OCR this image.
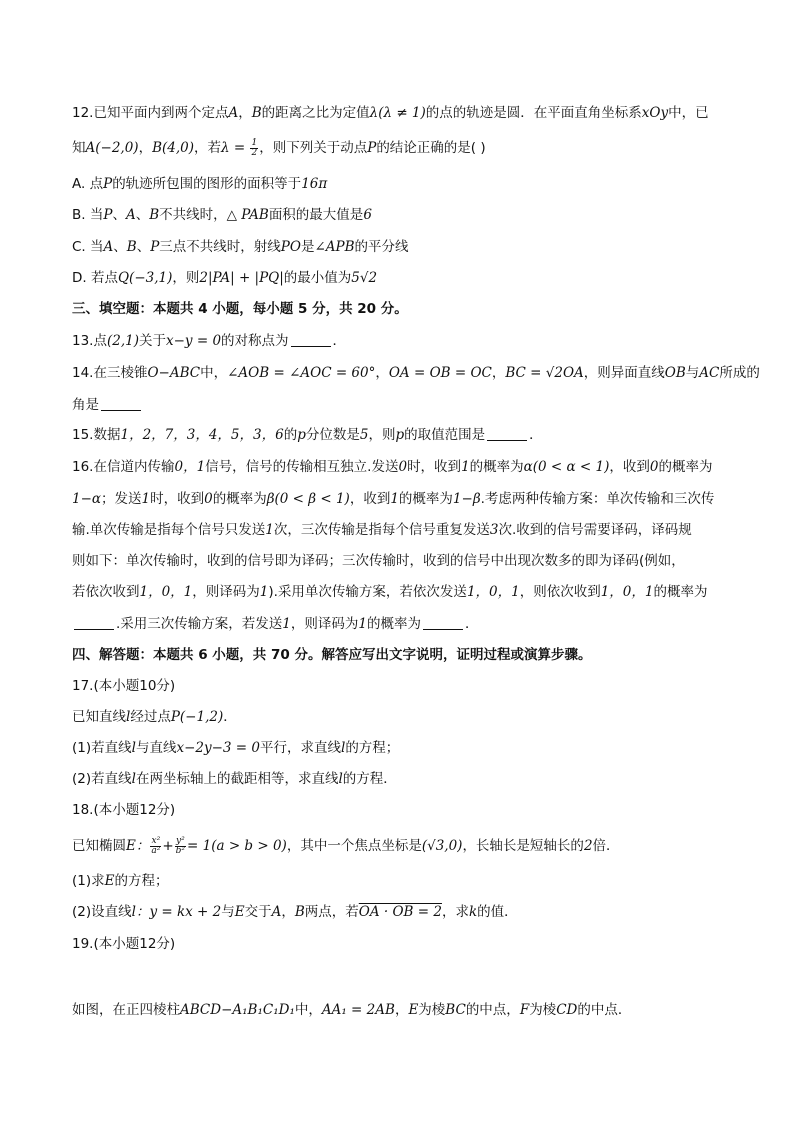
12.已知平面内到两个定点A，B的距离之比为定值λ(λ ≠ 1)的点的轨迹是圆．在平面直角坐标系xOy中，已
知A(−2,0)，B(4,0)，若$\lambda = \frac{1}{2}$ ，则下列关于动点P的结论正确的是( )
A. 点P的轨迹所包围的图形的面积等于16π
B. 当P、A、B不共线时，△ PAB面积的最大值是6
C. 当A、B、P三点不共线时，射线PO是∠APB的平分线
D. 若点Q(−3,1)，则2|PA| + |PQ|的最小值为5√2
三、填空题：本题共 4 小题，每小题 5 分，共 20 分。
13.点(2,1)关于x−y = 0的对称点为	．
14.在三棱锥O−ABC中，∠AOB = ∠AOC = 60°，OA = OB = OC，BC = √2OA，则异面直线OB与AC所成的
角是
15.数据1，2，7，3，4，5，3，6的p分位数是5，则p的取值范围是	．
16.在信道内传输0，1信号，信号的传输相互独立.发送0时，收到1的概率为α(0 < α < 1)，收到0的概率为
1−α；发送1时，收到0的概率为β(0 < β < 1)，收到1的概率为1−β.考虑两种传输方案：单次传输和三次传
输.单次传输是指每个信号只发送1次，三次传输是指每个信号重复发送3次.收到的信号需要译码，译码规
则如下：单次传输时，收到的信号即为译码；三次传输时，收到的信号中出现次数多的即为译码(例如，
若依次收到1，0，1，则译码为1).采用单次传输方案，若依次发送1，0，1，则依次收到1，0，1的概率为
.采用三次传输方案，若发送1，则译码为1的概率为	．
四、解答题：本题共 6 小题，共 70 分。解答应写出文字说明，证明过程或演算步骤。
17.(本小题10分)
已知直线l经过点P(−1,2)．
(1)若直线l与直线x−2y−3 = 0平行，求直线l的方程；
(2)若直线l在两坐标轴上的截距相等，求直线l的方程．
18.(本小题12分)
已知椭圆E： $\frac{\text{x²}}{\text{a²}} + \frac{\text{y²}}{\text{b²}} = 1(a > b > 0)$，其中一个焦点坐标是(√3,0)，长轴长是短轴长的2倍．
(1)求E的方程；
(2)设直线l：y = kx + 2与E交于A，B两点，若OA · OB = 2，求k的值．
19.(本小题12分)
如图，在正四棱柱ABCD−A₁B₁C₁D₁中，AA₁ = 2AB，E为棱BC的中点，F为棱CD的中点．
